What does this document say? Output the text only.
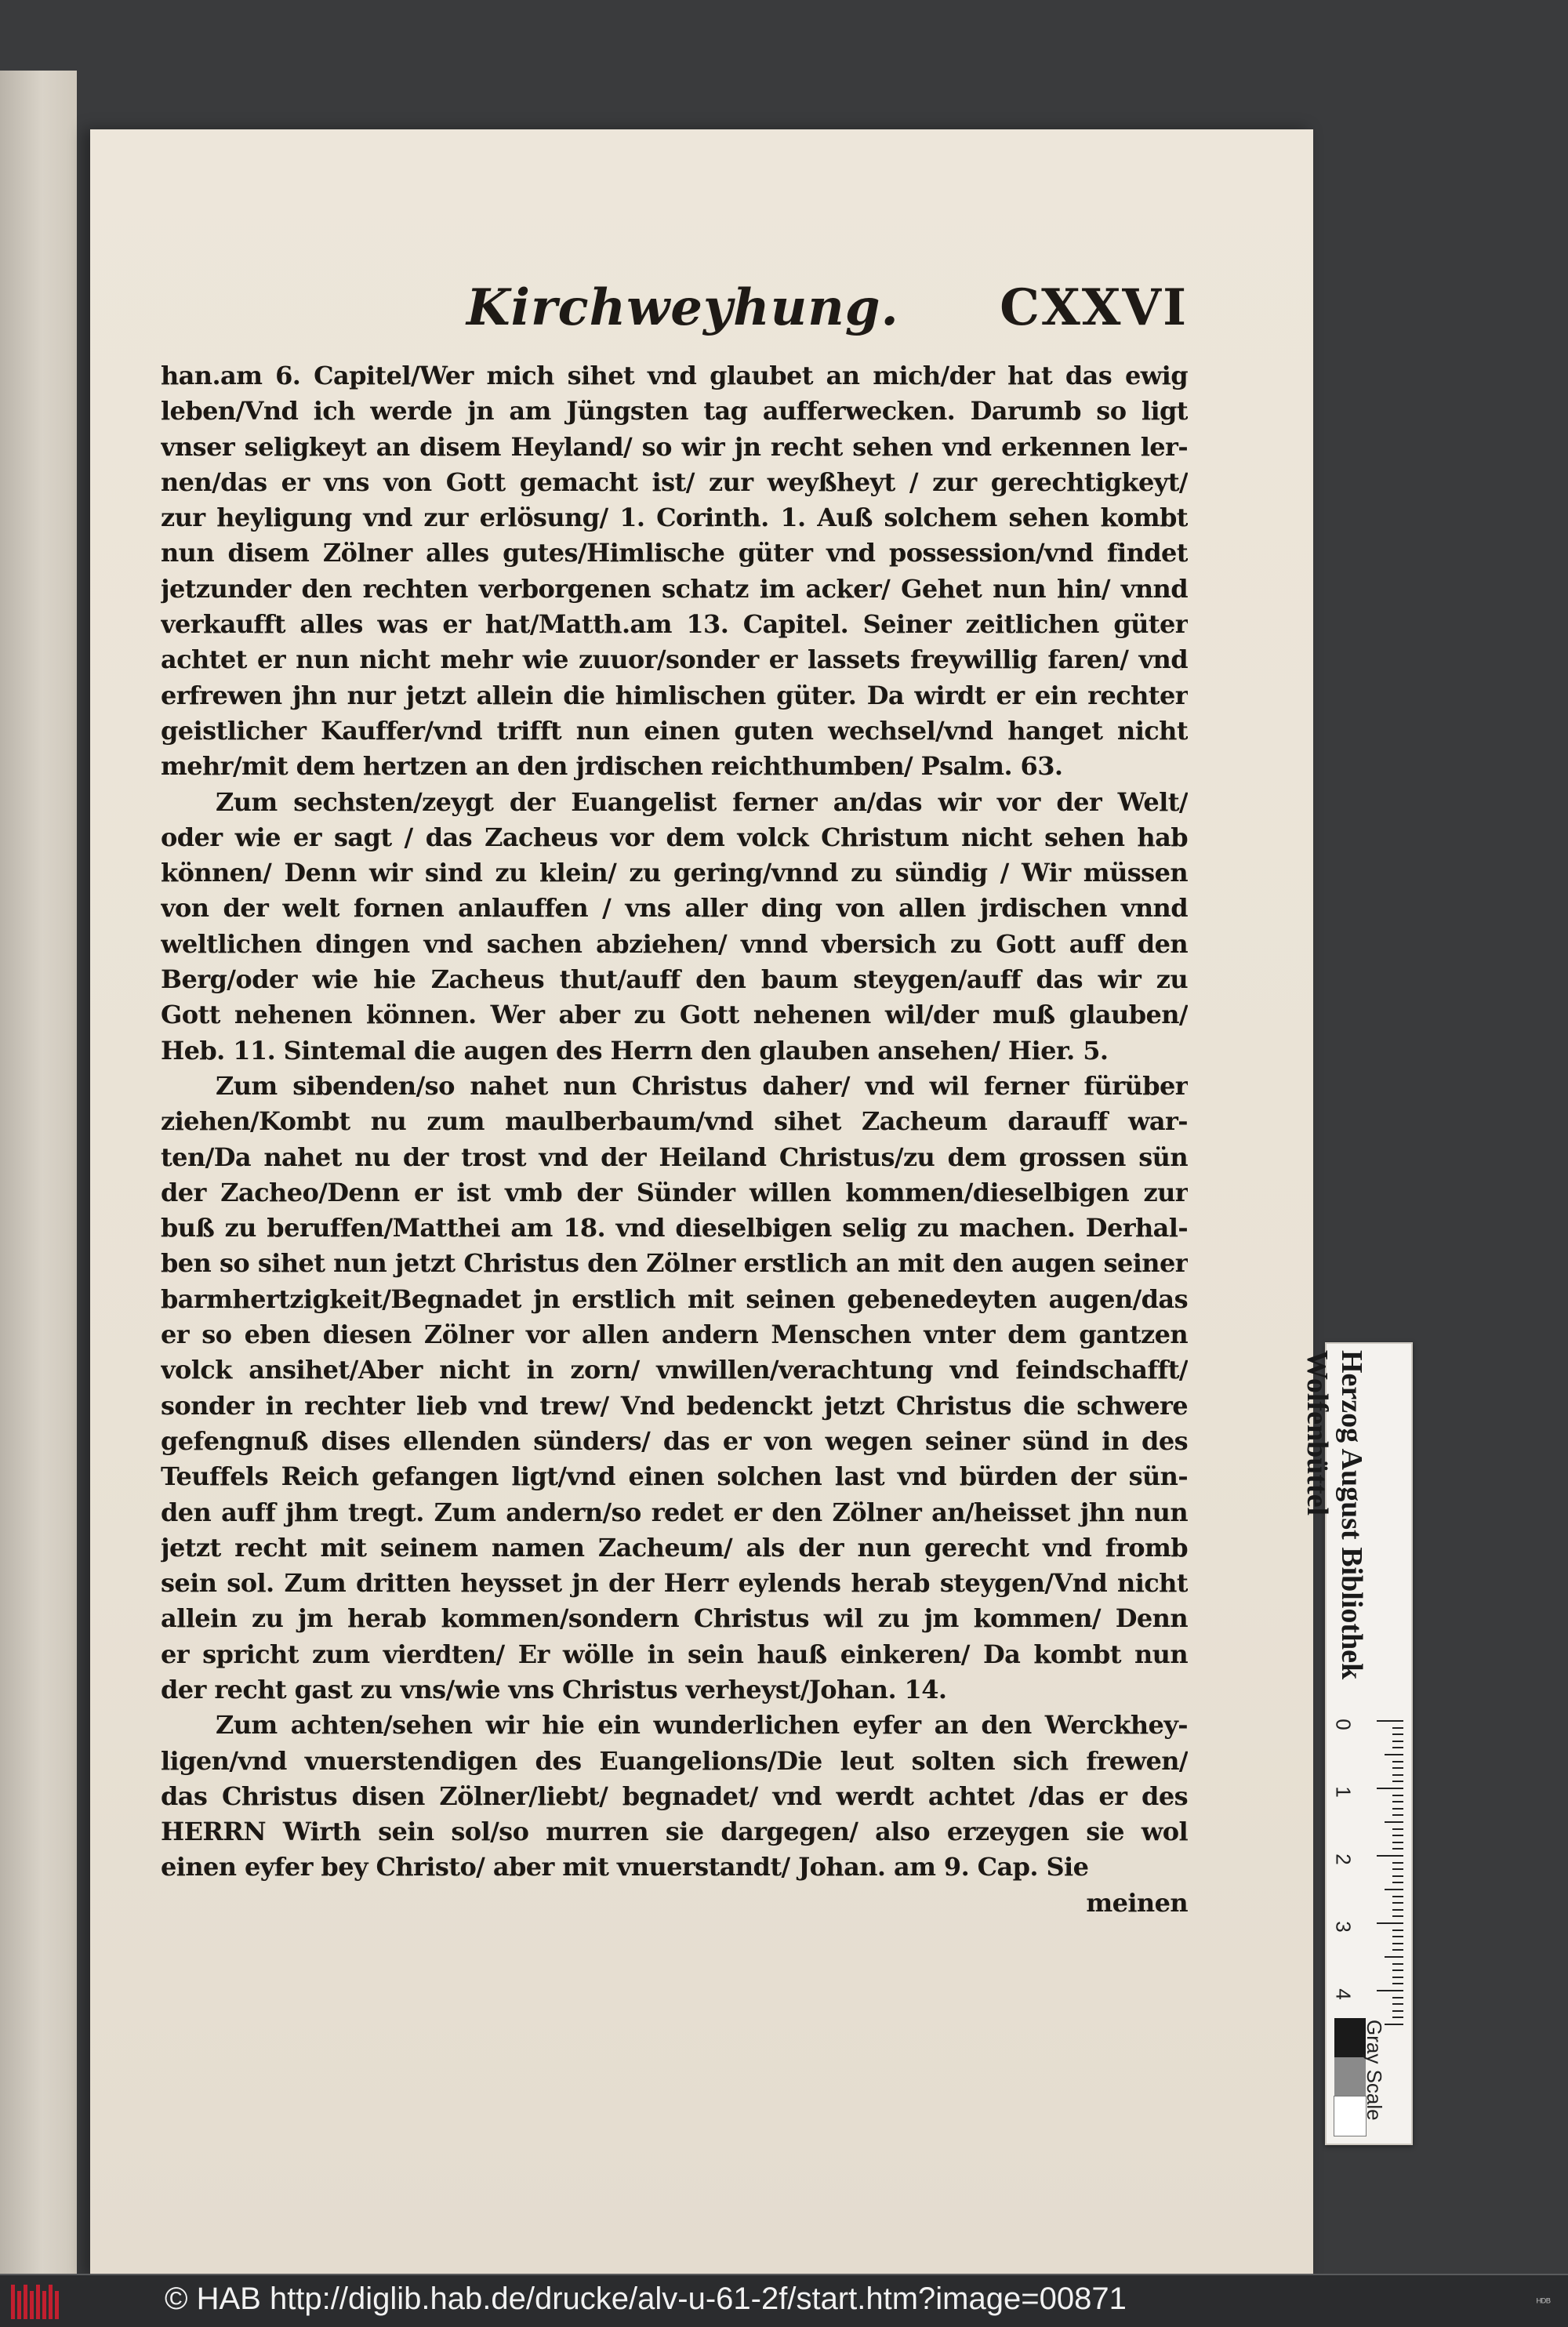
Kirchweyhung. CXXVI
han.am 6. Capitel/Wer mich sihet vnd glaubet an mich/der hat das ewig
leben/Vnd ich werde jn am Jüngsten tag aufferwecken. Darumb so ligt
vnser seligkeyt an disem Heyland/ so wir jn recht sehen vnd erkennen ler-
nen/das er vns von Gott gemacht ist/ zur weyßheyt / zur gerechtigkeyt/
zur heyligung vnd zur erlösung/ 1. Corinth. 1. Auß solchem sehen kombt
nun disem Zölner alles gutes/Himlische güter vnd possession/vnd findet
jetzunder den rechten verborgenen schatz im acker/ Gehet nun hin/ vnnd
verkaufft alles was er hat/Matth.am 13. Capitel. Seiner zeitlichen güter
achtet er nun nicht mehr wie zuuor/sonder er lassets freywillig faren/ vnd
erfrewen jhn nur jetzt allein die himlischen güter. Da wirdt er ein rechter
geistlicher Kauffer/vnd trifft nun einen guten wechsel/vnd hanget nicht
mehr/mit dem hertzen an den jrdischen reichthumben/ Psalm. 63.
Zum sechsten/zeygt der Euangelist ferner an/das wir vor der Welt/
oder wie er sagt / das Zacheus vor dem volck Christum nicht sehen hab
können/ Denn wir sind zu klein/ zu gering/vnnd zu sündig / Wir müssen
von der welt fornen anlauffen / vns aller ding von allen jrdischen vnnd
weltlichen dingen vnd sachen abziehen/ vnnd vbersich zu Gott auff den
Berg/oder wie hie Zacheus thut/auff den baum steygen/auff das wir zu
Gott nehenen können. Wer aber zu Gott nehenen wil/der muß glauben/
Heb. 11. Sintemal die augen des Herrn den glauben ansehen/ Hier. 5.
Zum sibenden/so nahet nun Christus daher/ vnd wil ferner fürüber
ziehen/Kombt nu zum maulberbaum/vnd sihet Zacheum darauff war-
ten/Da nahet nu der trost vnd der Heiland Christus/zu dem grossen sün
der Zacheo/Denn er ist vmb der Sünder willen kommen/dieselbigen zur
buß zu beruffen/Matthei am 18. vnd dieselbigen selig zu machen. Derhal-
ben so sihet nun jetzt Christus den Zölner erstlich an mit den augen seiner
barmhertzigkeit/Begnadet jn erstlich mit seinen gebenedeyten augen/das
er so eben diesen Zölner vor allen andern Menschen vnter dem gantzen
volck ansihet/Aber nicht in zorn/ vnwillen/verachtung vnd feindschafft/
sonder in rechter lieb vnd trew/ Vnd bedenckt jetzt Christus die schwere
gefengnuß dises ellenden sünders/ das er von wegen seiner sünd in des
Teuffels Reich gefangen ligt/vnd einen solchen last vnd bürden der sün-
den auff jhm tregt. Zum andern/so redet er den Zölner an/heisset jhn nun
jetzt recht mit seinem namen Zacheum/ als der nun gerecht vnd fromb
sein sol. Zum dritten heysset jn der Herr eylends herab steygen/Vnd nicht
allein zu jm herab kommen/sondern Christus wil zu jm kommen/ Denn
er spricht zum vierdten/ Er wölle in sein hauß einkeren/ Da kombt nun
der recht gast zu vns/wie vns Christus verheyst/Johan. 14.
Zum achten/sehen wir hie ein wunderlichen eyfer an den Werckhey-
ligen/vnd vnuerstendigen des Euangelions/Die leut solten sich frewen/
das Christus disen Zölner/liebt/ begnadet/ vnd werdt achtet /das er des
HERRN Wirth sein sol/so murren sie dargegen/ also erzeygen sie wol
einen eyfer bey Christo/ aber mit vnuerstandt/ Johan. am 9. Cap. Sie
meinen
Herzog August Bibliothek
Wolfenbüttel
0
1
2
3
4
Gray Scale
© HAB http://diglib.hab.de/drucke/alv-u-61-2f/start.htm?image=00871	ᴴᴰᴮ
